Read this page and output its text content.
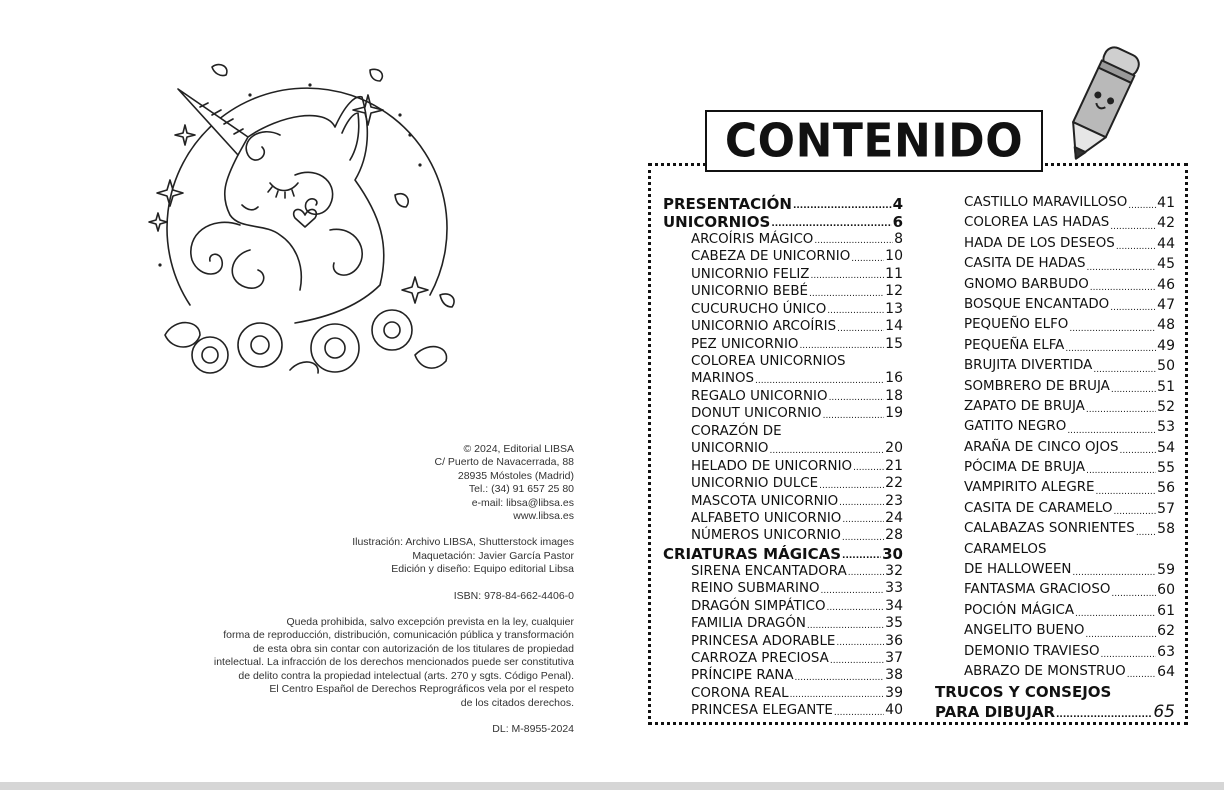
© 2024, Editorial LIBSA
C/ Puerto de Navacerrada, 88
28935 Móstoles (Madrid)
Tel.: (34) 91 657 25 80
e-mail: libsa@libsa.es
www.libsa.es
Ilustración: Archivo LIBSA, Shutterstock images
Maquetación: Javier García Pastor
Edición y diseño: Equipo editorial Libsa
ISBN: 978-84-662-4406-0
Queda prohibida, salvo excepción prevista en la ley, cualquier
forma de reproducción, distribución, comunicación pública y transformación
de esta obra sin contar con autorización de los titulares de propiedad
intelectual. La infracción de los derechos mencionados puede ser constitutiva
de delito contra la propiedad intelectual (arts. 270 y sgts. Código Penal).
El Centro Español de Derechos Reprográficos vela por el respeto
de los citados derechos.
DL: M-8955-2024
CONTENIDO
PRESENTACIÓN .....	4
UNICORNIOS .....	6
ARCOÍRIS MÁGICO .....	8
CABEZA DE UNICORNIO ..... 10
UNICORNIO FELIZ .....	11
UNICORNIO BEBÉ .....	12
CUCURUCHO ÚNICO .....	13
UNICORNIO ARCOÍRIS .....	14
PEZ UNICORNIO .....	15
COLOREA UNICORNIOS
MARINOS .....	16
REGALO UNICORNIO .....	18
DONUT UNICORNIO .....	19
CORAZÓN DE
UNICORNIO .....	20
HELADO DE UNICORNIO ..... 21
UNICORNIO DULCE .....	22
MASCOTA UNICORNIO .....	23
ALFABETO UNICORNIO .....	24
NÚMEROS UNICORNIO .....	28
CRIATURAS MÁGICAS .....	30
SIRENA ENCANTADORA .....	32
REINO SUBMARINO .....	33
DRAGÓN SIMPÁTICO .....	34
FAMILIA DRAGÓN .....	35
PRINCESA ADORABLE .....	36
CARROZA PRECIOSA .....	37
PRÍNCIPE RANA .....	38
CORONA REAL .....	39
PRINCESA ELEGANTE .....	40
CASTILLO MARAVILLOSO ..... 41
COLOREA LAS HADAS .....	42
HADA DE LOS DESEOS .....	44
CASITA DE HADAS .....	45
GNOMO BARBUDO .....	46
BOSQUE ENCANTADO .....	47
PEQUEÑO ELFO .....	48
PEQUEÑA ELFA .....	49
BRUJITA DIVERTIDA .....	50
SOMBRERO DE BRUJA .....	51
ZAPATO DE BRUJA .....	52
GATITO NEGRO .....	53
ARAÑA DE CINCO OJOS .....	54
PÓCIMA DE BRUJA .....	55
VAMPIRITO ALEGRE .....	56
CASITA DE CARAMELO .....	57
CALABAZAS SONRIENTES ..... 58
CARAMELOS
DE HALLOWEEN .....	59
FANTASMA GRACIOSO .....	60
POCIÓN MÁGICA .....	61
ANGELITO BUENO .....	62
DEMONIO TRAVIESO .....	63
ABRAZO DE MONSTRUO ..... 64
TRUCOS Y CONSEJOS
PARA DIBUJAR .....	65
